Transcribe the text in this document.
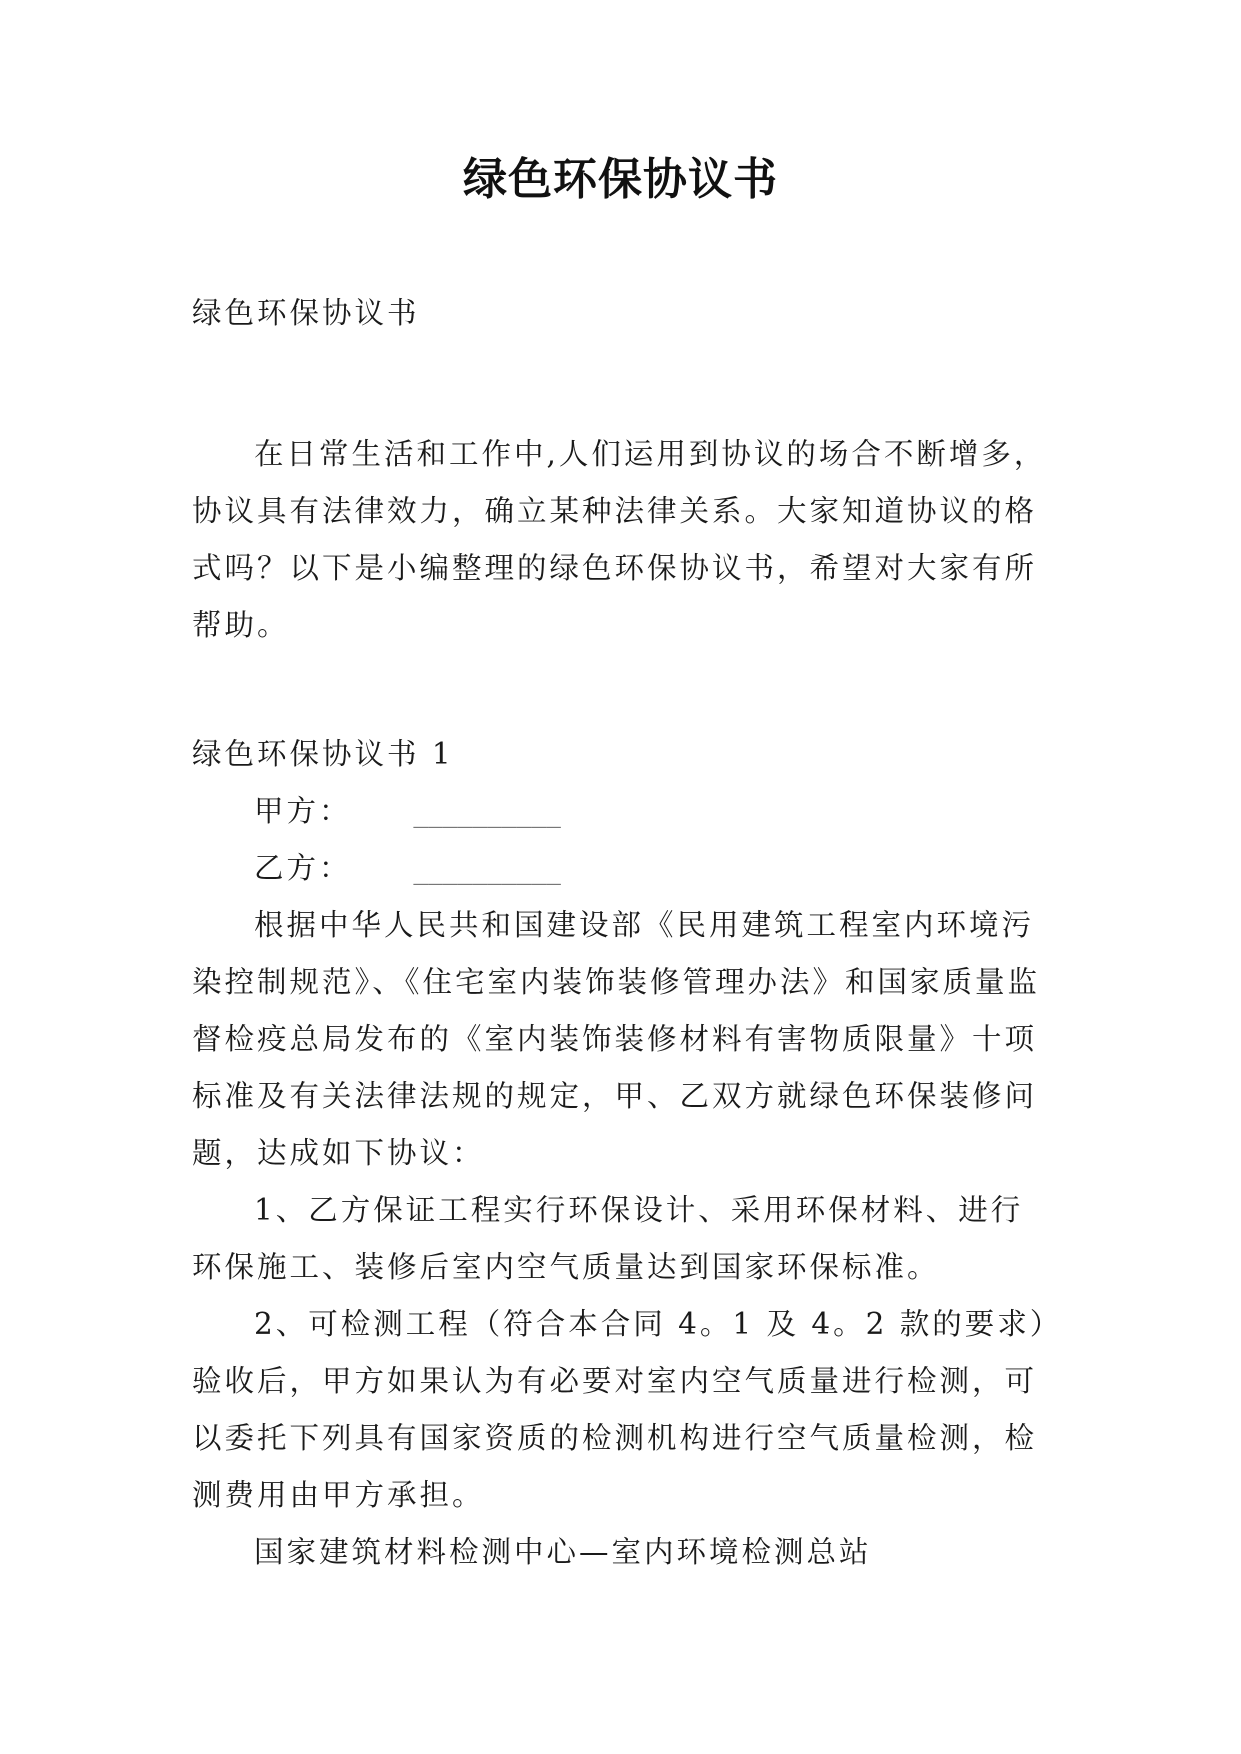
绿色环保协议书

绿色环保协议书

在日常生活和工作中,人们运用到协议的场合不断增多，协议具有法律效力，确立某种法律关系。大家知道协议的格式吗？以下是小编整理的绿色环保协议书，希望对大家有所帮助。

绿色环保协议书 1

甲方： __________

乙方： __________

根据中华人民共和国建设部《民用建筑工程室内环境污染控制规范》、《住宅室内装饰装修管理办法》和国家质量监督检疫总局发布的《室内装饰装修材料有害物质限量》十项标准及有关法律法规的规定，甲、乙双方就绿色环保装修问题，达成如下协议：

1、乙方保证工程实行环保设计、采用环保材料、进行环保施工、装修后室内空气质量达到国家环保标准。

2、可检测工程（符合本合同 4。1 及 4。2 款的要求）验收后，甲方如果认为有必要对室内空气质量进行检测，可以委托下列具有国家资质的检测机构进行空气质量检测，检测费用由甲方承担。

国家建筑材料检测中心—室内环境检测总站
